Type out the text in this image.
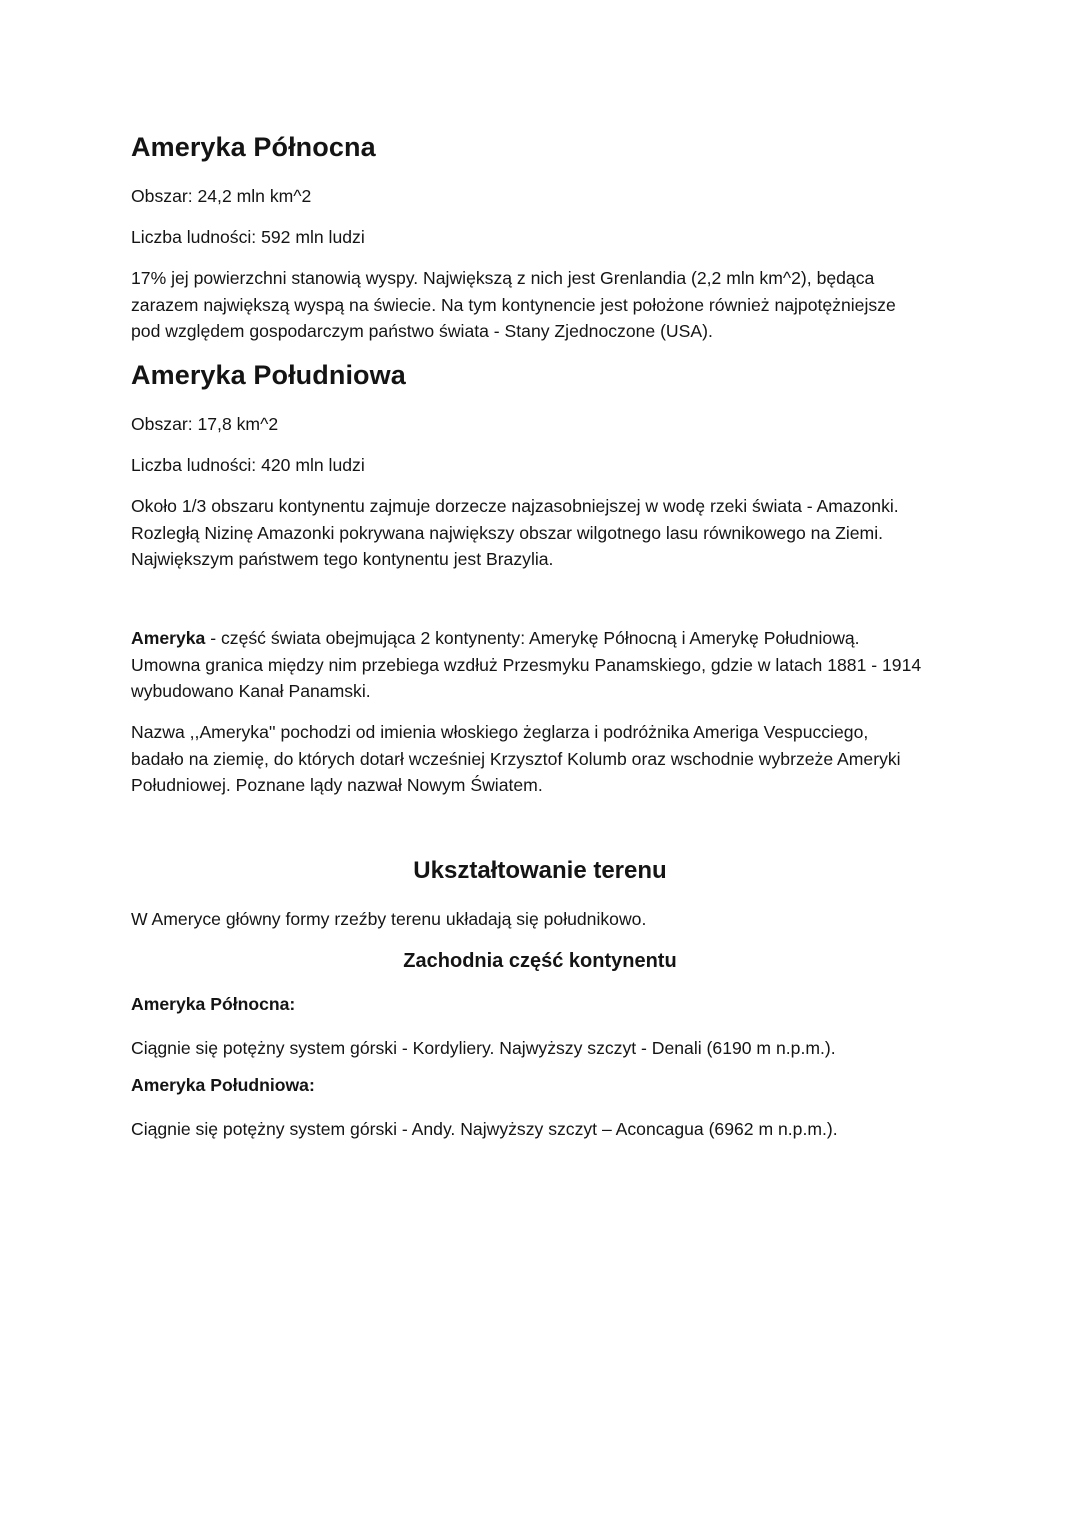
Ameryka Północna
Obszar: 24,2 mln km^2
Liczba ludności: 592 mln ludzi
17% jej powierzchni stanowią wyspy. Największą z nich jest Grenlandia (2,2 mln km^2), będąca
zarazem największą wyspą na świecie. Na tym kontynencie jest położone również najpotężniejsze
pod względem gospodarczym państwo świata - Stany Zjednoczone (USA).
Ameryka Południowa
Obszar: 17,8 km^2
Liczba ludności: 420 mln ludzi
Około 1/3 obszaru kontynentu zajmuje dorzecze najzasobniejszej w wodę rzeki świata - Amazonki.
Rozległą Nizinę Amazonki pokrywana największy obszar wilgotnego lasu równikowego na Ziemi.
Największym państwem tego kontynentu jest Brazylia.
Ameryka - część świata obejmująca 2 kontynenty: Amerykę Północną i Amerykę Południową.
Umowna granica między nim przebiega wzdłuż Przesmyku Panamskiego, gdzie w latach 1881 - 1914
wybudowano Kanał Panamski.
Nazwa ,,Ameryka'' pochodzi od imienia włoskiego żeglarza i podróżnika Ameriga Vespucciego,
badało na ziemię, do których dotarł wcześniej Krzysztof Kolumb oraz wschodnie wybrzeże Ameryki
Południowej. Poznane lądy nazwał Nowym Światem.
Ukształtowanie terenu
W Ameryce główny formy rzeźby terenu układają się południkowo.
Zachodnia część kontynentu
Ameryka Północna:
Ciągnie się potężny system górski - Kordyliery. Najwyższy szczyt - Denali (6190 m n.p.m.).
Ameryka Południowa:
Ciągnie się potężny system górski - Andy. Najwyższy szczyt – Aconcagua (6962 m n.p.m.).
